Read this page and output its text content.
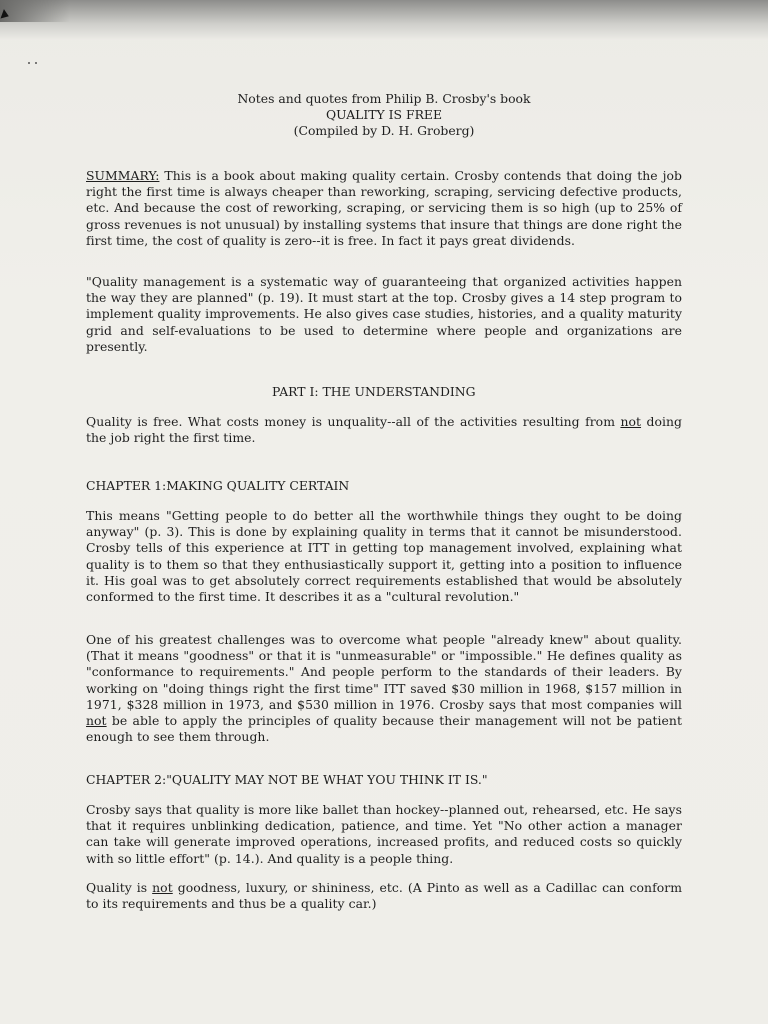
Notes and quotes from Philip B. Crosby's book
QUALITY IS FREE
(Compiled by D. H. Groberg)
SUMMARY: This is a book about making quality certain. Crosby contends that doing the job right the first time is always cheaper than reworking, scraping, servicing defective products, etc. And because the cost of reworking, scraping, or servicing them is so high (up to 25% of gross revenues is not unusual) by installing systems that insure that things are done right the first time, the cost of quality is zero--it is free. In fact it pays great dividends.
"Quality management is a systematic way of guaranteeing that organized activities happen the way they are planned" (p. 19). It must start at the top. Crosby gives a 14 step program to implement quality improvements. He also gives case studies, histories, and a quality maturity grid and self-evaluations to be used to determine where people and organizations are presently.
PART I: THE UNDERSTANDING
Quality is free. What costs money is unquality--all of the activities resulting from not doing the job right the first time.
CHAPTER 1:MAKING QUALITY CERTAIN
This means "Getting people to do better all the worthwhile things they ought to be doing anyway" (p. 3). This is done by explaining quality in terms that it cannot be misunderstood. Crosby tells of this experience at ITT in getting top management involved, explaining what quality is to them so that they enthusiastically support it, getting into a position to influence it. His goal was to get absolutely correct requirements established that would be absolutely conformed to the first time. It describes it as a "cultural revolution."
One of his greatest challenges was to overcome what people "already knew" about quality. (That it means "goodness" or that it is "unmeasurable" or "impossible." He defines quality as "conformance to requirements." And people perform to the standards of their leaders. By working on "doing things right the first time" ITT saved $30 million in 1968, $157 million in 1971, $328 million in 1973, and $530 million in 1976. Crosby says that most companies will not be able to apply the principles of quality because their management will not be patient enough to see them through.
CHAPTER 2:"QUALITY MAY NOT BE WHAT YOU THINK IT IS."
Crosby says that quality is more like ballet than hockey--planned out, rehearsed, etc. He says that it requires unblinking dedication, patience, and time. Yet "No other action a manager can take will generate improved operations, increased profits, and reduced costs so quickly with so little effort" (p. 14.). And quality is a people thing.
Quality is not goodness, luxury, or shininess, etc. (A Pinto as well as a Cadillac can conform to its requirements and thus be a quality car.)
